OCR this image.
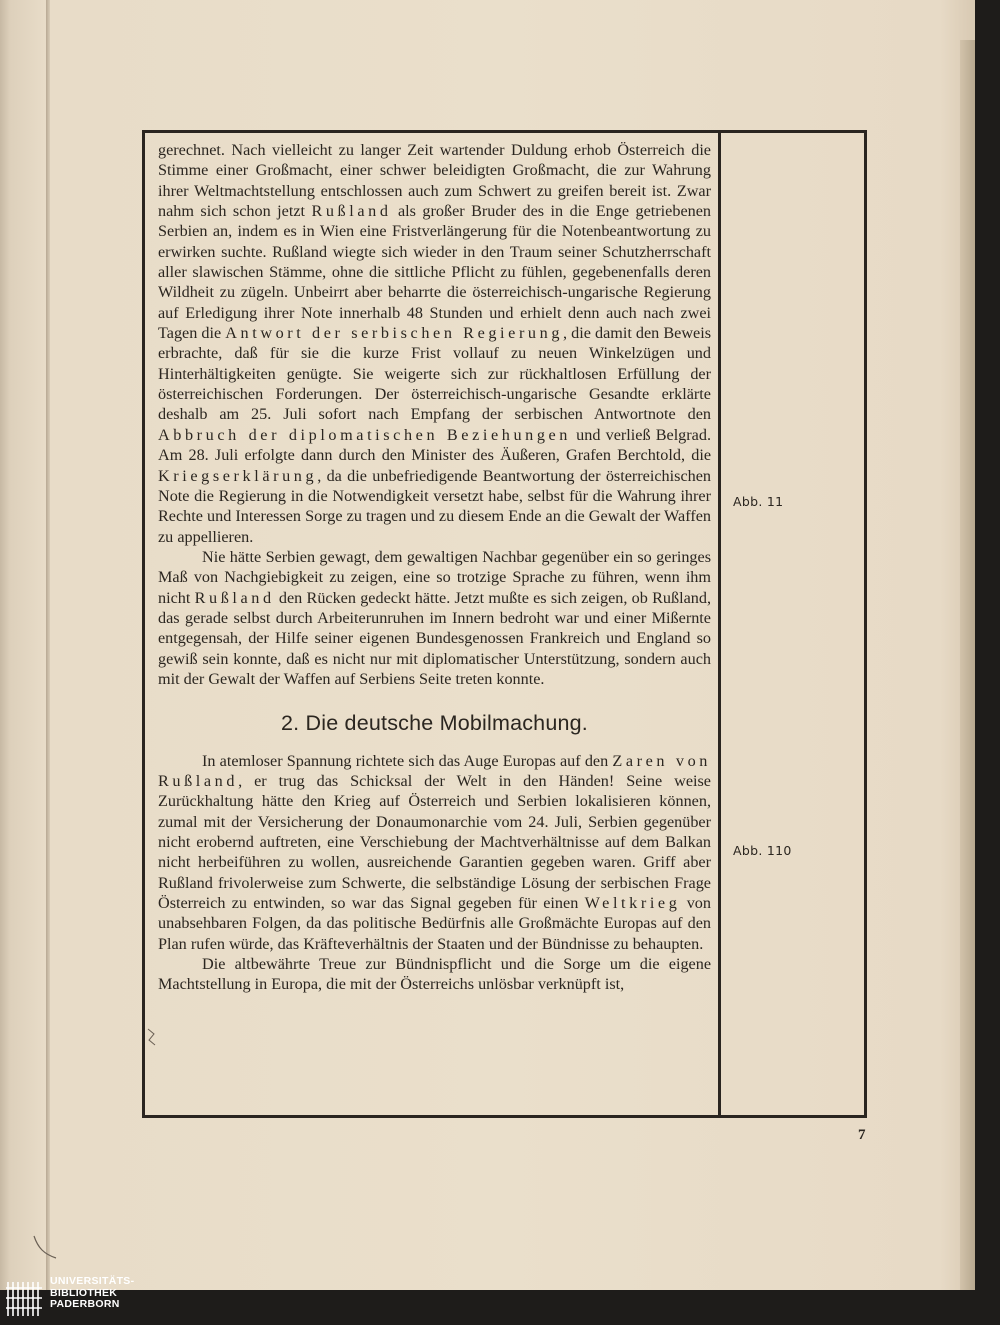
gerechnet. Nach vielleicht zu langer Zeit wartender Duldung erhob Österreich die Stimme einer Großmacht, einer schwer beleidigten Großmacht, die zur Wahrung ihrer Weltmachtstellung entschlossen auch zum Schwert zu greifen bereit ist. Zwar nahm sich schon jetzt Rußland als großer Bruder des in die Enge getriebenen Serbien an, indem es in Wien eine Fristverlängerung für die Notenbeantwortung zu erwirken suchte. Rußland wiegte sich wieder in den Traum seiner Schutzherrschaft aller slawischen Stämme, ohne die sittliche Pflicht zu fühlen, gegebenenfalls deren Wildheit zu zügeln. Unbeirrt aber beharrte die österreichisch-ungarische Regierung auf Erledigung ihrer Note innerhalb 48 Stunden und erhielt denn auch nach zwei Tagen die Antwort der serbischen Regierung, die damit den Beweis erbrachte, daß für sie die kurze Frist vollauf zu neuen Winkelzügen und Hinterhältigkeiten genügte. Sie weigerte sich zur rückhaltlosen Erfüllung der österreichischen Forderungen. Der österreichisch-ungarische Gesandte erklärte deshalb am 25. Juli sofort nach Empfang der serbischen Antwortnote den Abbruch der diplomatischen Beziehungen und verließ Belgrad. Am 28. Juli erfolgte dann durch den Minister des Äußeren, Grafen Berchtold, die Kriegserklärung, da die unbefriedigende Beantwortung der österreichischen Note die Regierung in die Notwendigkeit versetzt habe, selbst für die Wahrung ihrer Rechte und Interessen Sorge zu tragen und zu diesem Ende an die Gewalt der Waffen zu appellieren.

Nie hätte Serbien gewagt, dem gewaltigen Nachbar gegenüber ein so geringes Maß von Nachgiebigkeit zu zeigen, eine so trotzige Sprache zu führen, wenn ihm nicht Rußland den Rücken gedeckt hätte. Jetzt mußte es sich zeigen, ob Rußland, das gerade selbst durch Arbeiterunruhen im Innern bedroht war und einer Mißernte entgegensah, der Hilfe seiner eigenen Bundesgenossen Frankreich und England so gewiß sein konnte, daß es nicht nur mit diplomatischer Unterstützung, sondern auch mit der Gewalt der Waffen auf Serbiens Seite treten konnte.

2. Die deutsche Mobilmachung.

In atemloser Spannung richtete sich das Auge Europas auf den Zaren von Rußland, er trug das Schicksal der Welt in den Händen! Seine weise Zurückhaltung hätte den Krieg auf Österreich und Serbien lokalisieren können, zumal mit der Versicherung der Donaumonarchie vom 24. Juli, Serbien gegenüber nicht erobernd auftreten, eine Verschiebung der Machtverhältnisse auf dem Balkan nicht herbeiführen zu wollen, ausreichende Garantien gegeben waren. Griff aber Rußland frivolerweise zum Schwerte, die selbständige Lösung der serbischen Frage Österreich zu entwinden, so war das Signal gegeben für einen Weltkrieg von unabsehbaren Folgen, da das politische Bedürfnis alle Großmächte Europas auf den Plan rufen würde, das Kräfteverhältnis der Staaten und der Bündnisse zu behaupten.

Die altbewährte Treue zur Bündnispflicht und die Sorge um die eigene Machtstellung in Europa, die mit der Österreichs unlösbar verknüpft ist,

Abb. 11
Abb. 110
7
UNIVERSITÄTS-
BIBLIOTHEK
PADERBORN
